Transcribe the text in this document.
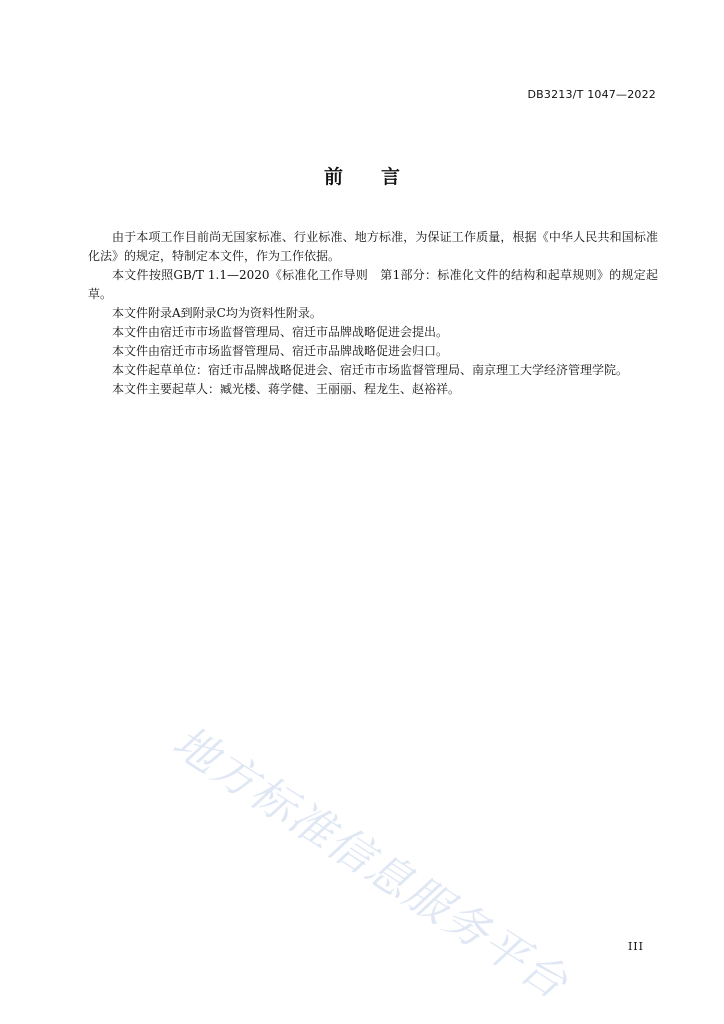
DB3213/T 1047—2022
前 言

由于本项工作目前尚无国家标准、行业标准、地方标准，为保证工作质量，根据《中华人民共和国标准化法》的规定，特制定本文件，作为工作依据。

本文件按照GB/T 1.1—2020《标准化工作导则　第1部分：标准化文件的结构和起草规则》的规定起草。

本文件附录A到附录C均为资料性附录。

本文件由宿迁市市场监督管理局、宿迁市品牌战略促进会提出。

本文件由宿迁市市场监督管理局、宿迁市品牌战略促进会归口。

本文件起草单位：宿迁市品牌战略促进会、宿迁市市场监督管理局、南京理工大学经济管理学院。

本文件主要起草人：臧光楼、蒋学健、王丽丽、程龙生、赵裕祥。

地方标准信息服务平台	III
